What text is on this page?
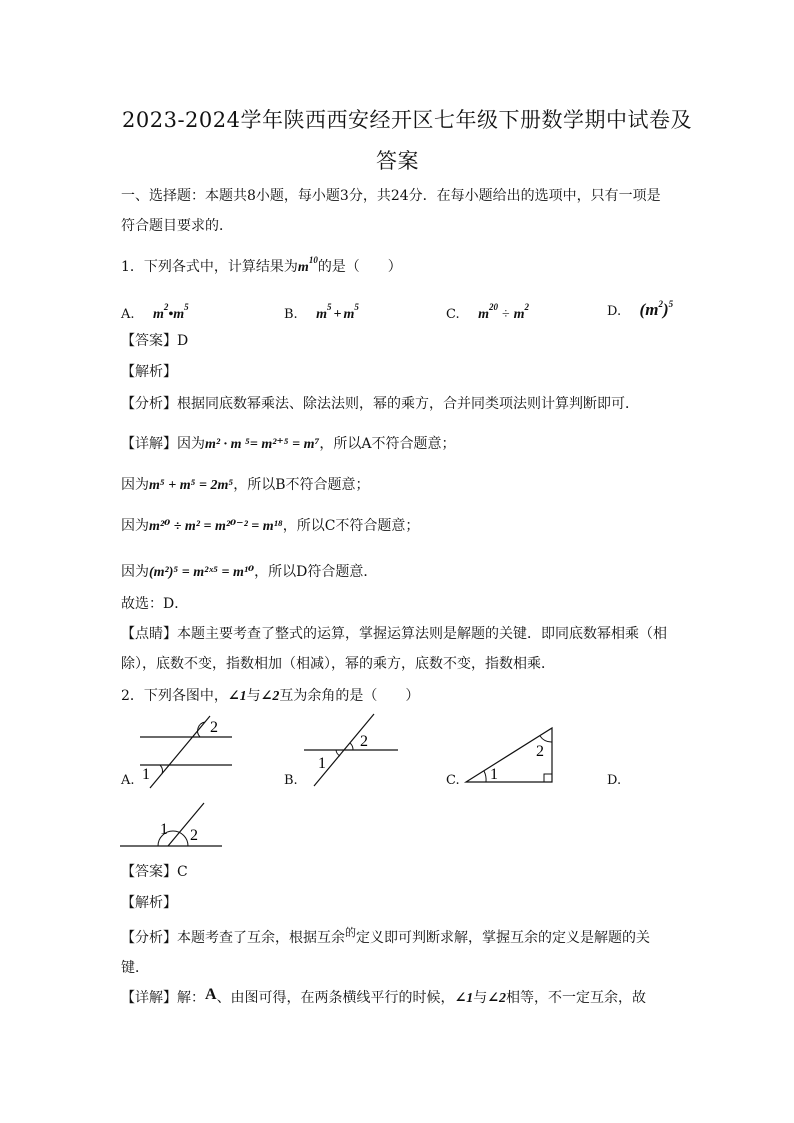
2023-2024学年陕西西安经开区七年级下册数学期中试卷及
答案
一、选择题：本题共8小题，每小题3分，共24分．在每小题给出的选项中，只有一项是
符合题目要求的．
1．下列各式中，计算结果为$m^{10}$的是（　　）
A. $m^2•m^5$	B. $m^5 + m^5$	C. $m^{20} \div m^2$	D. $(m^2)^5$
【答案】D
【解析】
【分析】根据同底数幂乘法、除法法则，幂的乘方，合并同类项法则计算判断即可．
【详解】因为m² · m ⁵= m²⁺⁵ = m⁷，所以A不符合题意；
因为m⁵ + m⁵ = 2m⁵，所以B不符合题意；
因为m²⁰ ÷ m² = m²⁰⁻² = m¹⁸，所以C不符合题意；
因为(m²)⁵ = m²ˣ⁵ = m¹⁰，所以D符合题意．
故选：D．
【点睛】本题主要考查了整式的运算，掌握运算法则是解题的关键．即同底数幂相乘（相
除），底数不变，指数相加（相减），幂的乘方，底数不变，指数相乘．
2．下列各图中，∠1与∠2互为余角的是（　　）
A.	B.	C.	D.
2
1
2
1
1
2
1 2
【答案】C
【解析】
【分析】本题考查了互余，根据互余$^的$定义即可判断求解，掌握互余的定义是解题的关
键．
【详解】解：A、由图可得，在两条横线平行的时候，∠1与∠2相等，不一定互余，故
